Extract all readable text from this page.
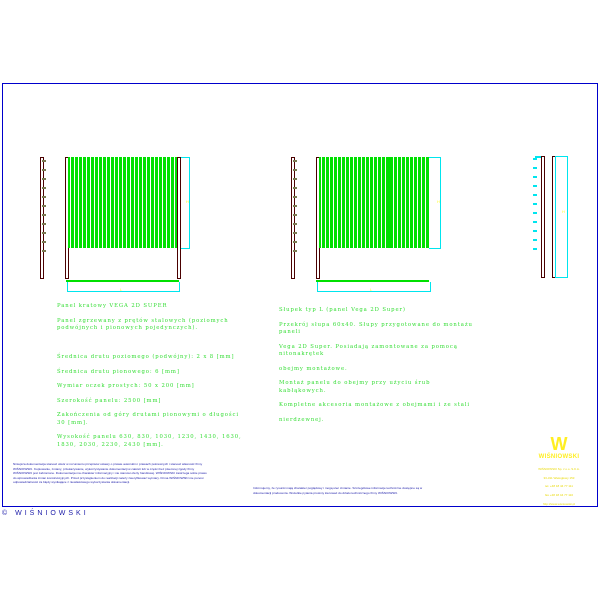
H
L
H
L
H

Panel kratowy VEGA 2D SUPER

Panel zgrzewany z prętów stalowych (poziomych podwójnych i pionowych pojedynczych).

Średnica drutu poziomego (podwójny): 2 x 8 [mm]

Średnica drutu pionowego: 6 [mm]

Wymiar oczek prostych: 50 x 200 [mm]

Szerokość panelu: 2500 [mm]

Zakończenia od góry drutami pionowymi o długości 30 [mm].

Wysokość panelu 630, 830, 1030, 1230, 1430, 1630, 1830, 2030, 2230, 2430 [mm].

Słupek typ L (panel Vega 2D Super)

Przekrój słupa 60x40. Słupy przygotowane do montażu paneli

Vega 2D Super. Posiadają zamontowane za pomocą nitonakrętek

obejmy montażowe.

Montaż panelu do obejmy przy użyciu śrub kabłąkowych.

Kompletne akcesoria montażowe z obejmami i ze stali

nierdzewnej.

Niniejsza dokumentacja stanowi utwór w rozumieniu przepisów ustawy o prawie autorskim i prawach pokrewnych i stanowi własność firmy WIŚNIOWSKI. Kopiowanie, zmiany, przekazywanie, wykorzystywanie dokumentacji w całości lub w części bez pisemnej zgody firmy WIŚNIOWSKI jest zabronione. Dokumentacja ma charakter informacyjny i nie stanowi oferty handlowej. WIŚNIOWSKI zastrzega sobie prawo do wprowadzania zmian konstrukcyjnych. Przed przystąpieniem do realizacji należy zweryfikować wymiary. Firma WIŚNIOWSKI nie ponosi odpowiedzialności za błędy wynikające z niewłaściwego wykorzystania dokumentacji.
Informujemy, że rysunki mają charakter poglądowy i mogą ulec zmianie. Szczegółowe informacje techniczne dostępne są w dokumentacji producenta. Wszelkie pytania prosimy kierować do działu technicznego firmy WIŚNIOWSKI.
W
WIŚNIOWSKI

WIŚNIOWSKI Sp. z o.o. S.K.A.

33-311 Wielogłowy 153

tel. +48 18 44 77 111

fax +48 18 44 77 110

http://www.wisniowski.pl

© WIŚNIOWSKI
